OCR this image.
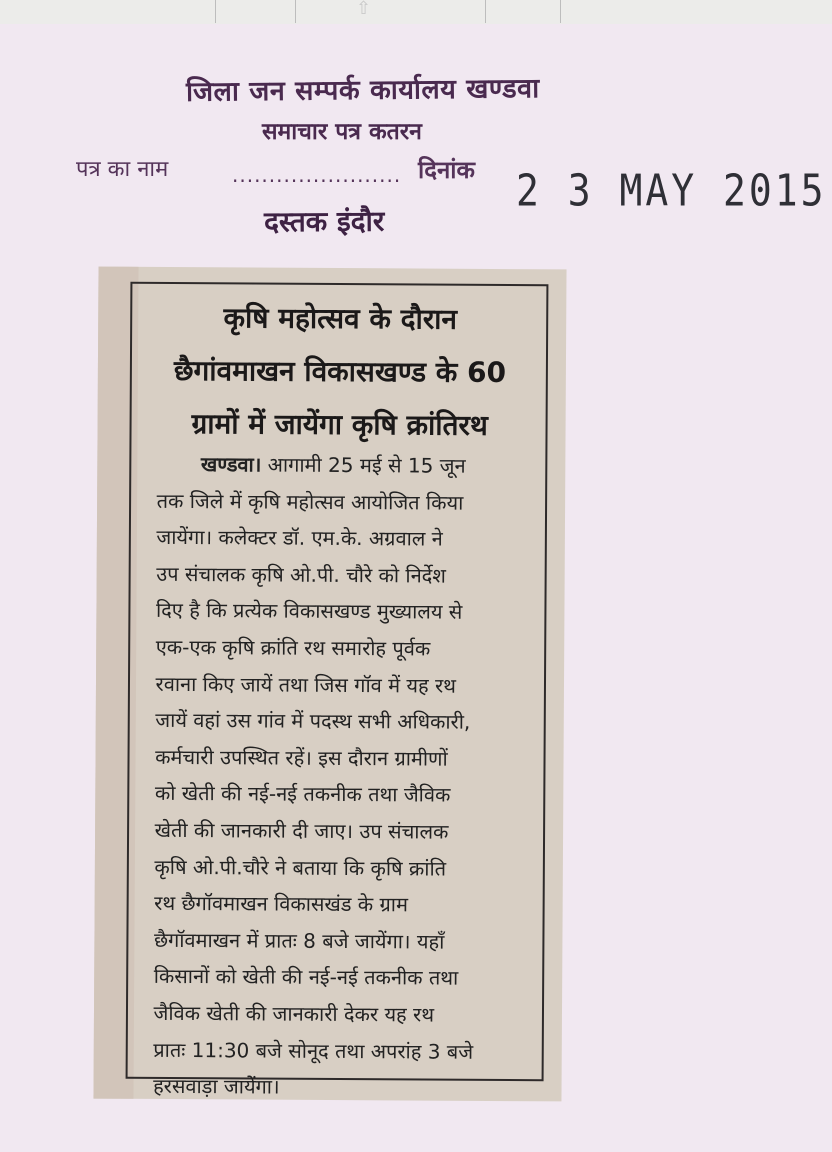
⇧
जिला जन सम्पर्क कार्यालय खण्डवा
समाचार पत्र कतरन
पत्र का नाम	....................... दिनांक 2 3 MAY 2015
दस्तक इंदौर
कृषि महोत्सव के दौरान
छैगांवमाखन विकासखण्ड के 60
ग्रामों में जायेंगा कृषि क्रांतिरथ
खण्डवा। आगामी 25 मई से 15 जून
तक जिले में कृषि महोत्सव आयोजित किया
जायेंगा। कलेक्टर डॉ. एम.के. अग्रवाल ने
उप संचालक कृषि ओ.पी. चौरे को निर्देश
दिए है कि प्रत्येक विकासखण्ड मुख्यालय से
एक-एक कृषि क्रांति रथ समारोह पूर्वक
रवाना किए जायें तथा जिस गॉव में यह रथ
जायें वहां उस गांव में पदस्थ सभी अधिकारी,
कर्मचारी उपस्थित रहें। इस दौरान ग्रामीणों
को खेती की नई-नई तकनीक तथा जैविक
खेती की जानकारी दी जाए। उप संचालक
कृषि ओ.पी.चौरे ने बताया कि कृषि क्रांति
रथ छैगॉवमाखन विकासखंड के ग्राम
छैगॉवमाखन में प्रातः 8 बजे जायेंगा। यहाँ
किसानों को खेती की नई-नई तकनीक तथा
जैविक खेती की जानकारी देकर यह रथ
प्रातः 11:30 बजे सोनूद तथा अपरांह 3 बजे
हरसवाड़ा जायेंगा।
